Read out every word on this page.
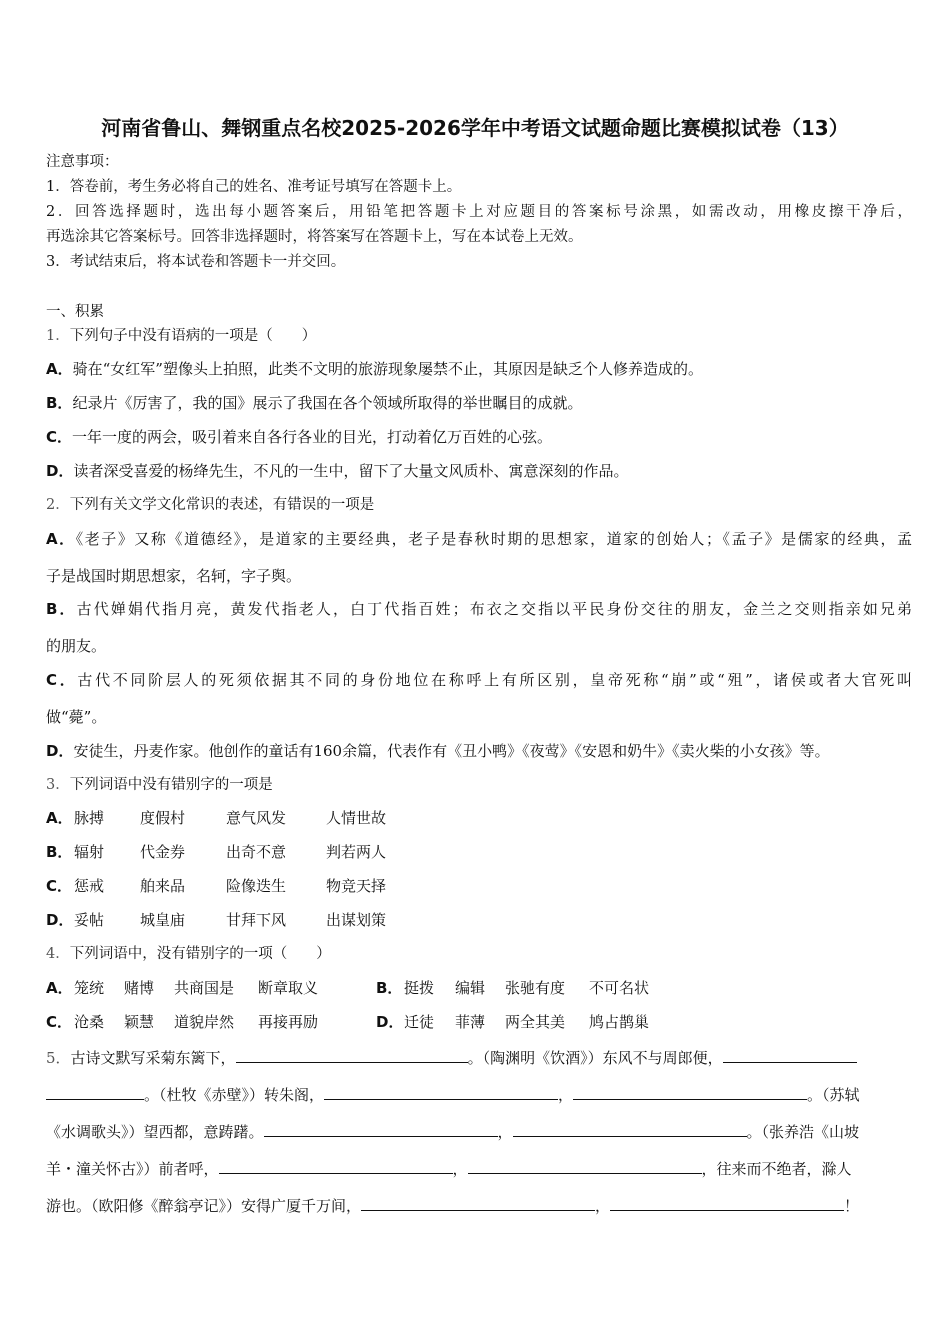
河南省鲁山、舞钢重点名校2025-2026学年中考语文试题命题比赛模拟试卷（13）
注意事项：
1．答卷前，考生务必将自己的姓名、准考证号填写在答题卡上。
2．回答选择题时，选出每小题答案后，用铅笔把答题卡上对应题目的答案标号涂黑，如需改动，用橡皮擦干净后，
再选涂其它答案标号。回答非选择题时，将答案写在答题卡上，写在本试卷上无效。
3．考试结束后，将本试卷和答题卡一并交回。
一、积累
1．下列句子中没有语病的一项是（　　）
A．骑在“女红军”塑像头上拍照，此类不文明的旅游现象屡禁不止，其原因是缺乏个人修养造成的。
B．纪录片《厉害了，我的国》展示了我国在各个领域所取得的举世瞩目的成就。
C．一年一度的两会，吸引着来自各行各业的目光，打动着亿万百姓的心弦。
D．读者深受喜爱的杨绛先生，不凡的一生中，留下了大量文风质朴、寓意深刻的作品。
2．下列有关文学文化常识的表述，有错误的一项是
A．《老子》又称《道德经》，是道家的主要经典，老子是春秋时期的思想家，道家的创始人；《孟子》是儒家的经典，孟
子是战国时期思想家，名轲，字子舆。
B．古代婵娟代指月亮，黄发代指老人，白丁代指百姓；布衣之交指以平民身份交往的朋友，金兰之交则指亲如兄弟
的朋友。
C．古代不同阶层人的死须依据其不同的身份地位在称呼上有所区别，皇帝死称“崩”或“殂”，诸侯或者大官死叫
做“薨”。
D．安徒生，丹麦作家。他创作的童话有160余篇，代表作有《丑小鸭》《夜莺》《安恩和奶牛》《卖火柴的小女孩》等。
3．下列词语中没有错别字的一项是
A． 脉搏 度假村	意气风发	人情世故
B． 辐射 代金券	出奇不意	判若两人
C． 惩戒 舶来品	险像迭生	物竞天择
D． 妥帖 城皇庙	甘拜下风	出谋划策
4．下列词语中，没有错别字的一项（　　）
A． 笼统 赌博 共商国是 断章取义	B． 挺拨 编辑 张驰有度 不可名状
C． 沧桑 颖慧 道貌岸然 再接再励	D． 迁徒 菲薄 两全其美 鸠占鹊巢
5．古诗文默写采菊东篱下，	。（陶渊明《饮酒》）东风不与周郎便，
。（杜牧《赤壁》）转朱阁，	，	。（苏轼
《水调歌头》）望西都，意踌躇。	，	。（张养浩《山坡
羊・潼关怀古》）前者呼，	，	，往来而不绝者，滁人
游也。（欧阳修《醉翁亭记》）安得广厦千万间，	，	！
